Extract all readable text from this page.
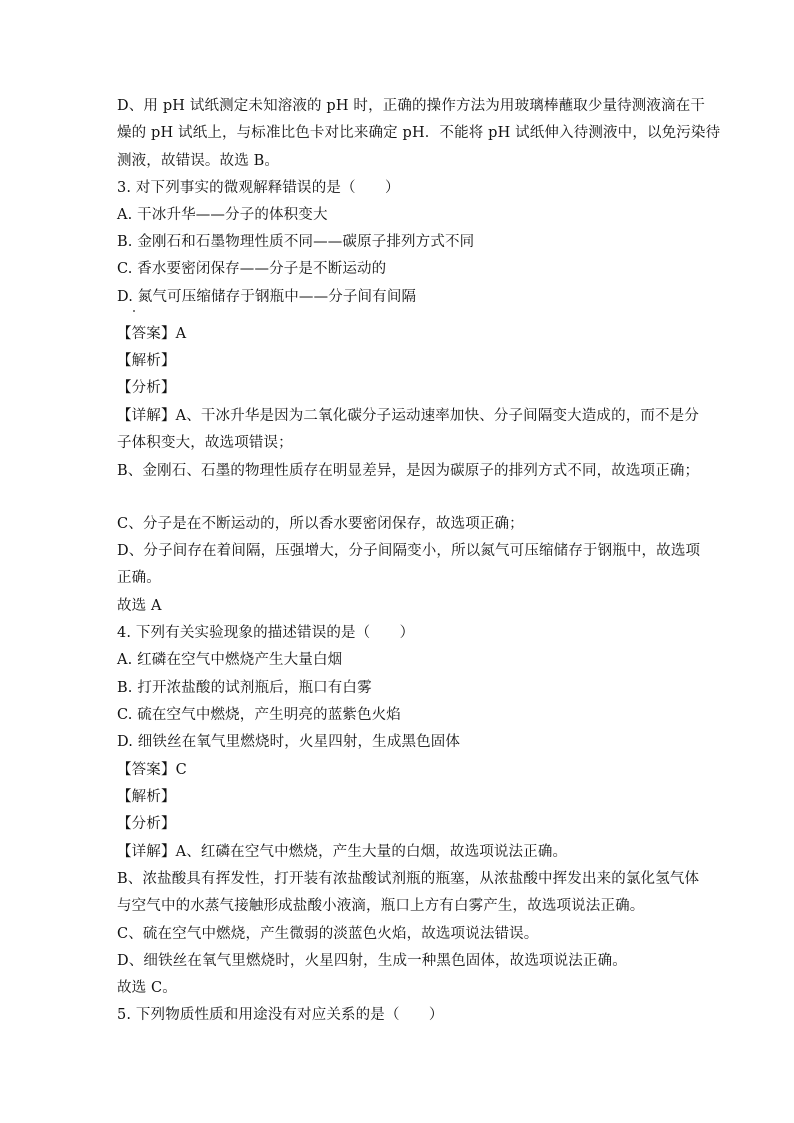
D、用 pH 试纸测定未知溶液的 pH 时，正确的操作方法为用玻璃棒蘸取少量待测液滴在干
燥的 pH 试纸上，与标准比色卡对比来确定 pH．不能将 pH 试纸伸入待测液中，以免污染待
测液，故错误。故选 B。
3. 对下列事实的微观解释错误的是（　　）
A. 干冰升华——分子的体积变大
B. 金刚石和石墨物理性质不同——碳原子排列方式不同
C. 香水要密闭保存——分子是不断运动的
D. 氮气可压缩储存于钢瓶中——分子间有间隔
【答案】A
【解析】
【分析】
【详解】A、干冰升华是因为二氧化碳分子运动速率加快、分子间隔变大造成的，而不是分
子体积变大，故选项错误；
B、金刚石、石墨的物理性质存在明显差异，是因为碳原子的排列方式不同，故选项正确；
C、分子是在不断运动的，所以香水要密闭保存，故选项正确；
D、分子间存在着间隔，压强增大，分子间隔变小，所以氮气可压缩储存于钢瓶中，故选项
正确。
故选 A
4. 下列有关实验现象的描述错误的是（　　）
A. 红磷在空气中燃烧产生大量白烟
B. 打开浓盐酸的试剂瓶后，瓶口有白雾
C. 硫在空气中燃烧，产生明亮的蓝紫色火焰
D. 细铁丝在氧气里燃烧时，火星四射，生成黑色固体
【答案】C
【解析】
【分析】
【详解】A、红磷在空气中燃烧，产生大量的白烟，故选项说法正确。
B、浓盐酸具有挥发性，打开装有浓盐酸试剂瓶的瓶塞，从浓盐酸中挥发出来的氯化氢气体
与空气中的水蒸气接触形成盐酸小液滴，瓶口上方有白雾产生，故选项说法正确。
C、硫在空气中燃烧，产生微弱的淡蓝色火焰，故选项说法错误。
D、细铁丝在氧气里燃烧时，火星四射，生成一种黑色固体，故选项说法正确。
故选 C。
5. 下列物质性质和用途没有对应关系的是（　　）
